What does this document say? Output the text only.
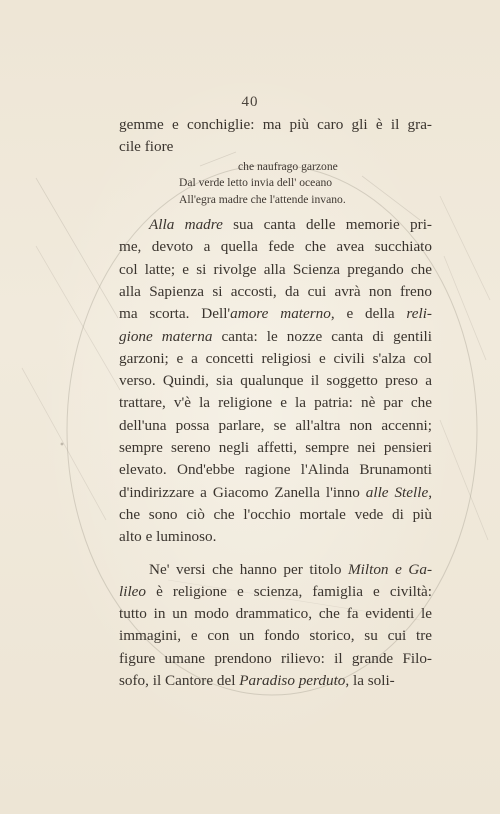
40
gemme e conchiglie: ma più caro gli è il gra-
cile fiore
che naufrago garzone
Dal verde letto invia dell' oceano
All'egra madre che l'attende invano.
Alla madre sua canta delle memorie pri-
me, devoto a quella fede che avea succhiato
col latte; e si rivolge alla Scienza pregando che
alla Sapienza si accosti, da cui avrà non freno
ma scorta. Dell'amore materno, e della reli-
gione materna canta: le nozze canta di gentili
garzoni; e a concetti religiosi e civili s'alza col
verso. Quindi, sia qualunque il soggetto preso a
trattare, v'è la religione e la patria: nè par che
dell'una possa parlare, se all'altra non accenni;
sempre sereno negli affetti, sempre nei pensieri
elevato. Ond'ebbe ragione l'Alinda Brunamonti
d'indirizzare a Giacomo Zanella l'inno alle Stelle,
che sono ciò che l'occhio mortale vede di più
alto e luminoso.
Ne' versi che hanno per titolo Milton e Ga-
lileo è religione e scienza, famiglia e civiltà:
tutto in un modo drammatico, che fa evidenti le
immagini, e con un fondo storico, su cui tre
figure umane prendono rilievo: il grande Filo-
sofo, il Cantore del Paradiso perduto, la soli-
